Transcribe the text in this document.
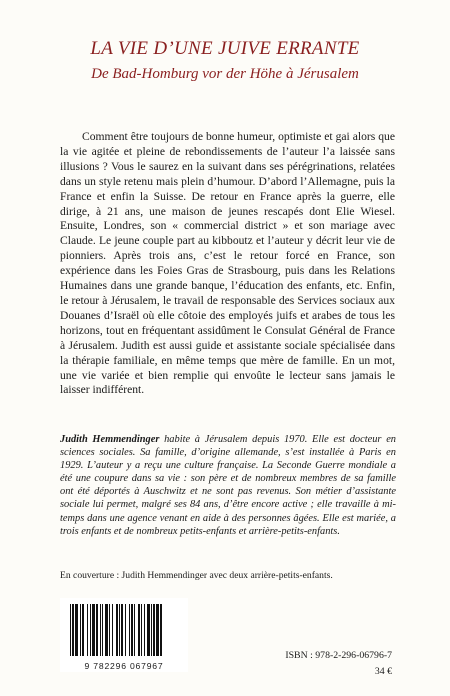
LA VIE D’UNE JUIVE ERRANTE
De Bad-Homburg vor der Höhe à Jérusalem

Comment être toujours de bonne humeur, optimiste et gai alors que la vie agitée et pleine de rebondissements de l’auteur l’a laissée sans illusions ? Vous le saurez en la suivant dans ses pérégrinations, relatées dans un style retenu mais plein d’humour. D’abord l’Allemagne, puis la France et enfin la Suisse. De retour en France après la guerre, elle dirige, à 21 ans, une maison de jeunes rescapés dont Elie Wiesel. Ensuite, Londres, son « commercial district » et son mariage avec Claude. Le jeune couple part au kibboutz et l’auteur y décrit leur vie de pionniers. Après trois ans, c’est le retour forcé en France, son expérience dans les Foies Gras de Strasbourg, puis dans les Relations Humaines dans une grande banque, l’éducation des enfants, etc. Enfin, le retour à Jérusalem, le travail de responsable des Services sociaux aux Douanes d’Israël où elle côtoie des employés juifs et arabes de tous les horizons, tout en fréquentant assidûment le Consulat Général de France à Jérusalem. Judith est aussi guide et assistante sociale spécialisée dans la thérapie familiale, en même temps que mère de famille. En un mot, une vie variée et bien remplie qui envoûte le lecteur sans jamais le laisser indifférent.

Judith Hemmendinger habite à Jérusalem depuis 1970. Elle est docteur en sciences sociales. Sa famille, d’origine allemande, s’est installée à Paris en 1929. L’auteur y a reçu une culture française. La Seconde Guerre mondiale a été une coupure dans sa vie : son père et de nombreux membres de sa famille ont été déportés à Auschwitz et ne sont pas revenus. Son métier d’assistante sociale lui permet, malgré ses 84 ans, d’être encore active ; elle travaille à mi-temps dans une agence venant en aide à des personnes âgées. Elle est mariée, a trois enfants et de nombreux petits-enfants et arrière-petits-enfants.

En couverture : Judith Hemmendinger avec deux arrière-petits-enfants.

9 782296 067967
ISBN : 978-2-296-06796-7
34 €
